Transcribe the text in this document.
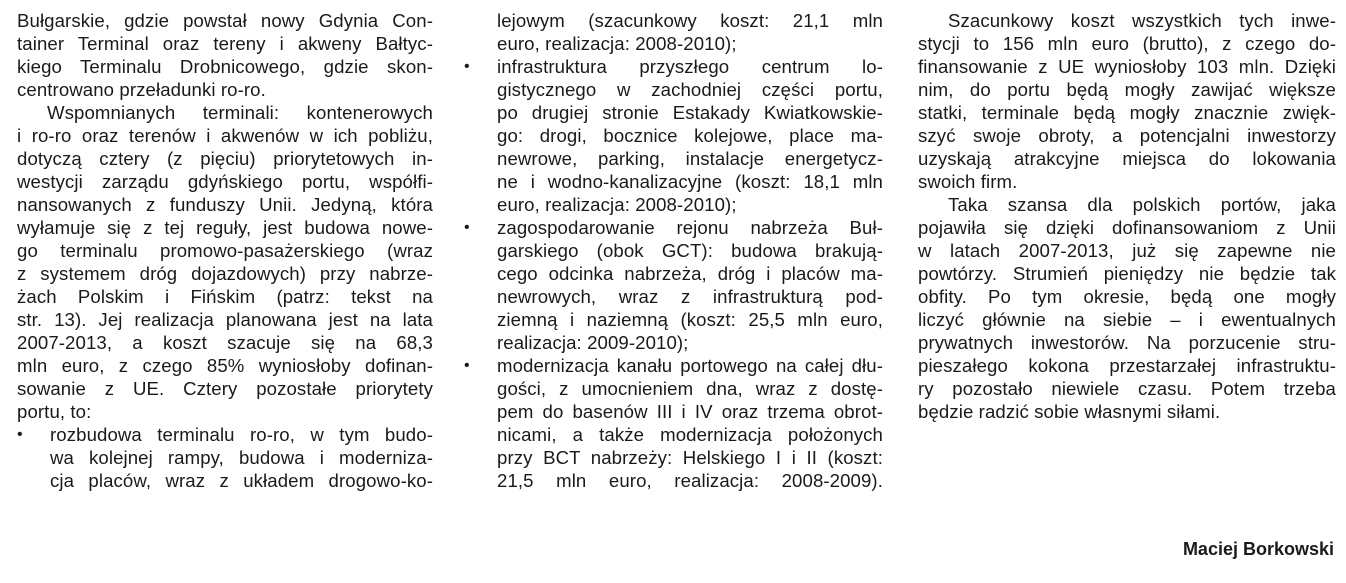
Bułgarskie, gdzie powstał nowy Gdynia Con-
tainer Terminal oraz tereny i akweny Bałtyc-
kiego Terminalu Drobnicowego, gdzie skon-
centrowano przeładunki ro-ro.
Wspomnianych terminali: kontenerowych
i ro-ro oraz terenów i akwenów w ich pobliżu,
dotyczą cztery (z pięciu) priorytetowych in-
westycji zarządu gdyńskiego portu, współfi-
nansowanych z funduszy Unii. Jedyną, która
wyłamuje się z tej reguły, jest budowa nowe-
go terminalu promowo-pasażerskiego (wraz
z systemem dróg dojazdowych) przy nabrze-
żach Polskim i Fińskim (patrz: tekst na
str. 13). Jej realizacja planowana jest na lata
2007-2013, a koszt szacuje się na 68,3
mln euro, z czego 85% wyniosłoby dofinan-
sowanie z UE. Cztery pozostałe priorytety
portu, to:
• rozbudowa terminalu ro-ro, w tym budo-
wa kolejnej rampy, budowa i moderniza-
cja placów, wraz z układem drogowo-ko-
lejowym (szacunkowy koszt: 21,1 mln
euro, realizacja: 2008-2010);
• infrastruktura przyszłego centrum lo-
gistycznego w zachodniej części portu,
po drugiej stronie Estakady Kwiatkowskie-
go: drogi, bocznice kolejowe, place ma-
newrowe, parking, instalacje energetycz-
ne i wodno-kanalizacyjne (koszt: 18,1 mln
euro, realizacja: 2008-2010);
• zagospodarowanie rejonu nabrzeża Buł-
garskiego (obok GCT): budowa brakują-
cego odcinka nabrzeża, dróg i placów ma-
newrowych, wraz z infrastrukturą pod-
ziemną i naziemną (koszt: 25,5 mln euro,
realizacja: 2009-2010);
• modernizacja kanału portowego na całej dłu-
gości, z umocnieniem dna, wraz z dostę-
pem do basenów III i IV oraz trzema obrot-
nicami, a także modernizacja położonych
przy BCT nabrzeży: Helskiego I i II (koszt:
21,5 mln euro, realizacja: 2008-2009).
Szacunkowy koszt wszystkich tych inwe-
stycji to 156 mln euro (brutto), z czego do-
finansowanie z UE wyniosłoby 103 mln. Dzięki
nim, do portu będą mogły zawijać większe
statki, terminale będą mogły znacznie zwięk-
szyć swoje obroty, a potencjalni inwestorzy
uzyskają atrakcyjne miejsca do lokowania
swoich firm.
Taka szansa dla polskich portów, jaka
pojawiła się dzięki dofinansowaniom z Unii
w latach 2007-2013, już się zapewne nie
powtórzy. Strumień pieniędzy nie będzie tak
obfity. Po tym okresie, będą one mogły
liczyć głównie na siebie – i ewentualnych
prywatnych inwestorów. Na porzucenie stru-
pieszałego kokona przestarzałej infrastruktu-
ry pozostało niewiele czasu. Potem trzeba
będzie radzić sobie własnymi siłami.
Maciej Borkowski
